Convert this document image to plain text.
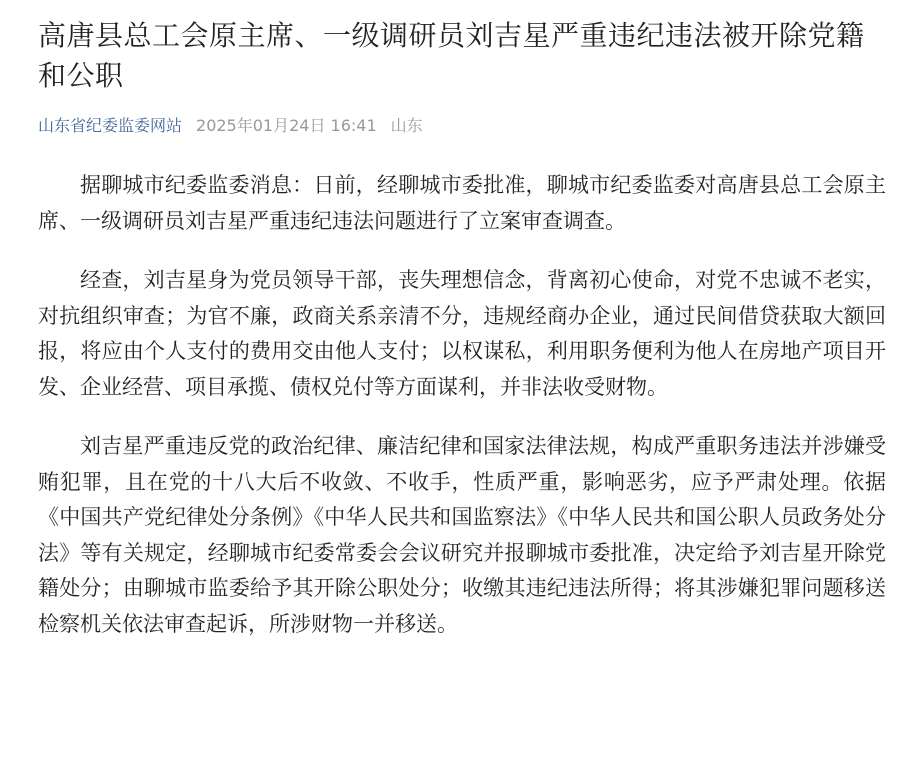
高唐县总工会原主席、一级调研员刘吉星严重违纪违法被开除党籍和公职
山东省纪委监委网站 2025年01月24日 16:41 山东

据聊城市纪委监委消息：日前，经聊城市委批准，聊城市纪委监委对高唐县总工会原主席、一级调研员刘吉星严重违纪违法问题进行了立案审查调查。

经查，刘吉星身为党员领导干部，丧失理想信念，背离初心使命，对党不忠诚不老实，对抗组织审查；为官不廉，政商关系亲清不分，违规经商办企业，通过民间借贷获取大额回报，将应由个人支付的费用交由他人支付；以权谋私，利用职务便利为他人在房地产项目开发、企业经营、项目承揽、债权兑付等方面谋利，并非法收受财物。

刘吉星严重违反党的政治纪律、廉洁纪律和国家法律法规，构成严重职务违法并涉嫌受贿犯罪，且在党的十八大后不收敛、不收手，性质严重，影响恶劣，应予严肃处理。依据《中国共产党纪律处分条例》《中华人民共和国监察法》《中华人民共和国公职人员政务处分法》等有关规定，经聊城市纪委常委会会议研究并报聊城市委批准，决定给予刘吉星开除党籍处分；由聊城市监委给予其开除公职处分；收缴其违纪违法所得；将其涉嫌犯罪问题移送检察机关依法审查起诉，所涉财物一并移送。
